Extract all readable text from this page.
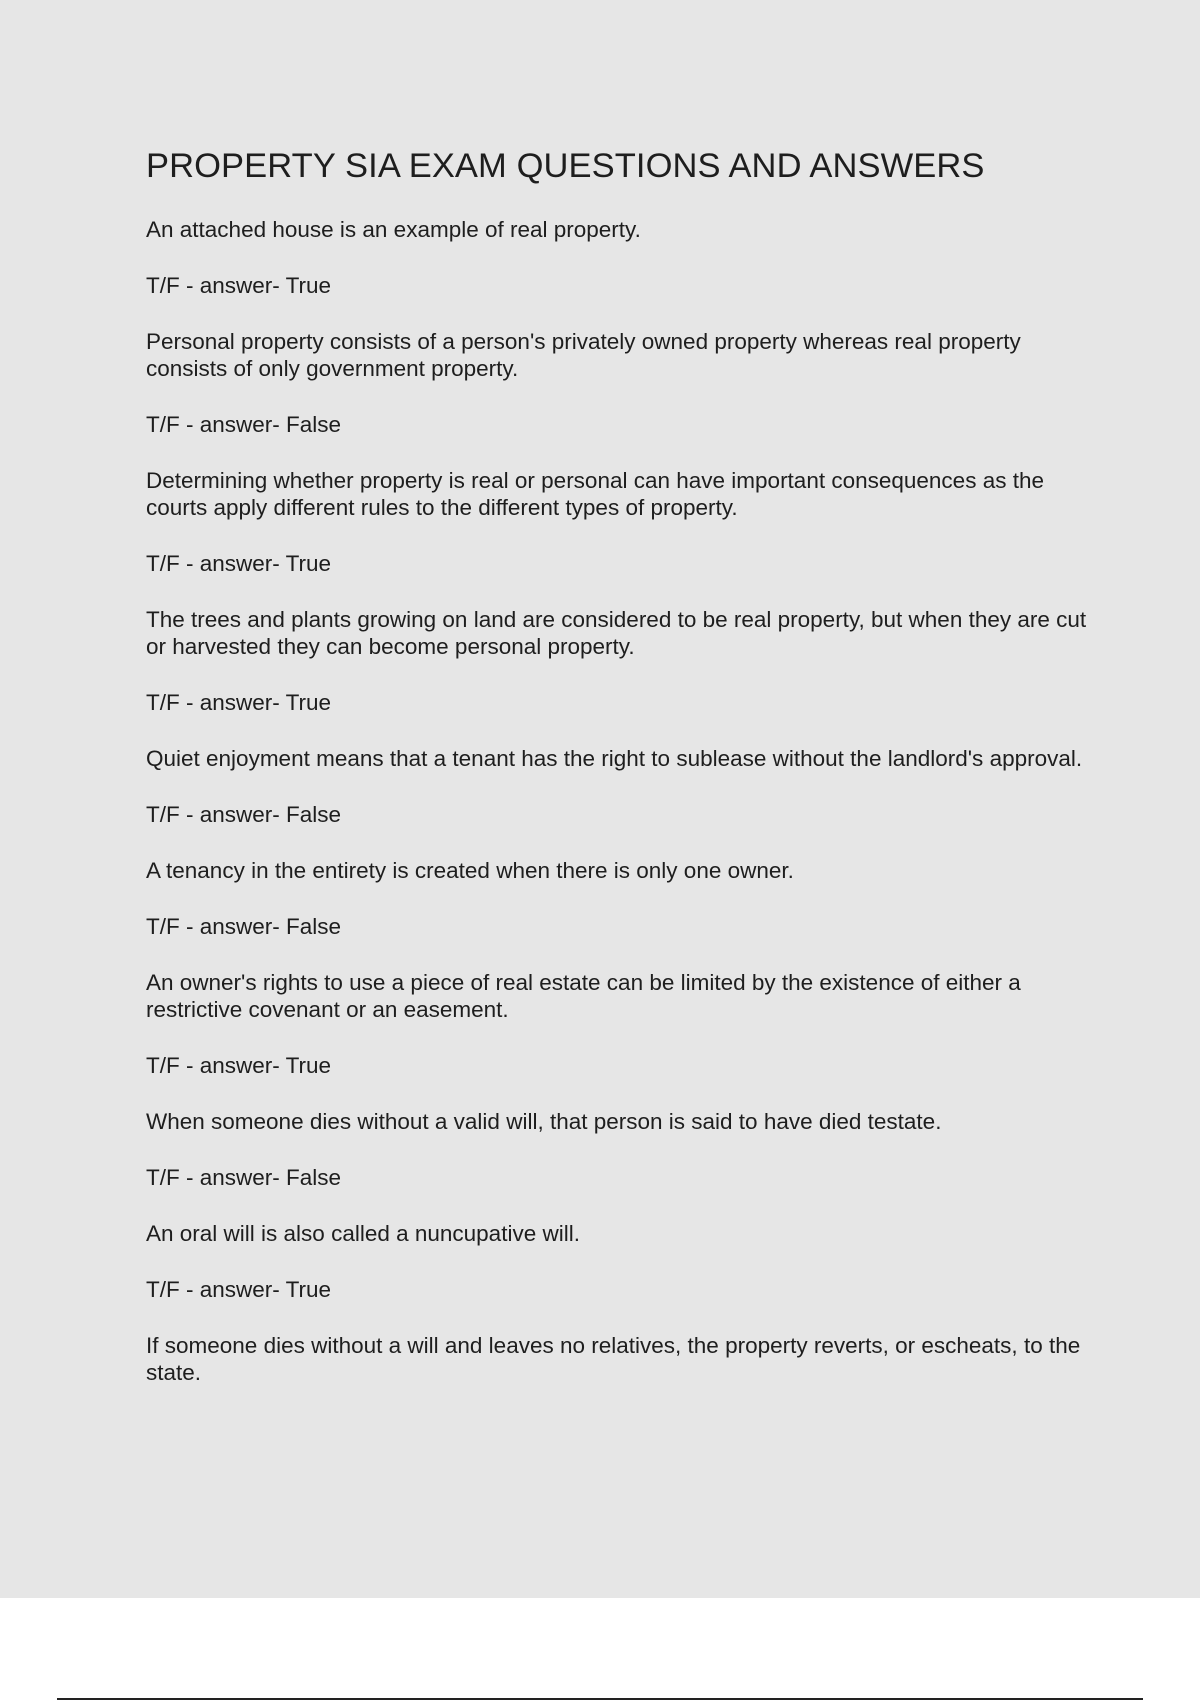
PROPERTY SIA EXAM QUESTIONS AND ANSWERS

An attached house is an example of real property.

T/F - answer- True

Personal property consists of a person's privately owned property whereas real property consists of only government property.

T/F - answer- False

Determining whether property is real or personal can have important consequences as the courts apply different rules to the different types of property.

T/F - answer- True

The trees and plants growing on land are considered to be real property, but when they are cut or harvested they can become personal property.

T/F - answer- True

Quiet enjoyment means that a tenant has the right to sublease without the landlord's approval.

T/F - answer- False

A tenancy in the entirety is created when there is only one owner.

T/F - answer- False

An owner's rights to use a piece of real estate can be limited by the existence of either a restrictive covenant or an easement.

T/F - answer- True

When someone dies without a valid will, that person is said to have died testate.

T/F - answer- False

An oral will is also called a nuncupative will.

T/F - answer- True

If someone dies without a will and leaves no relatives, the property reverts, or escheats, to the state.
